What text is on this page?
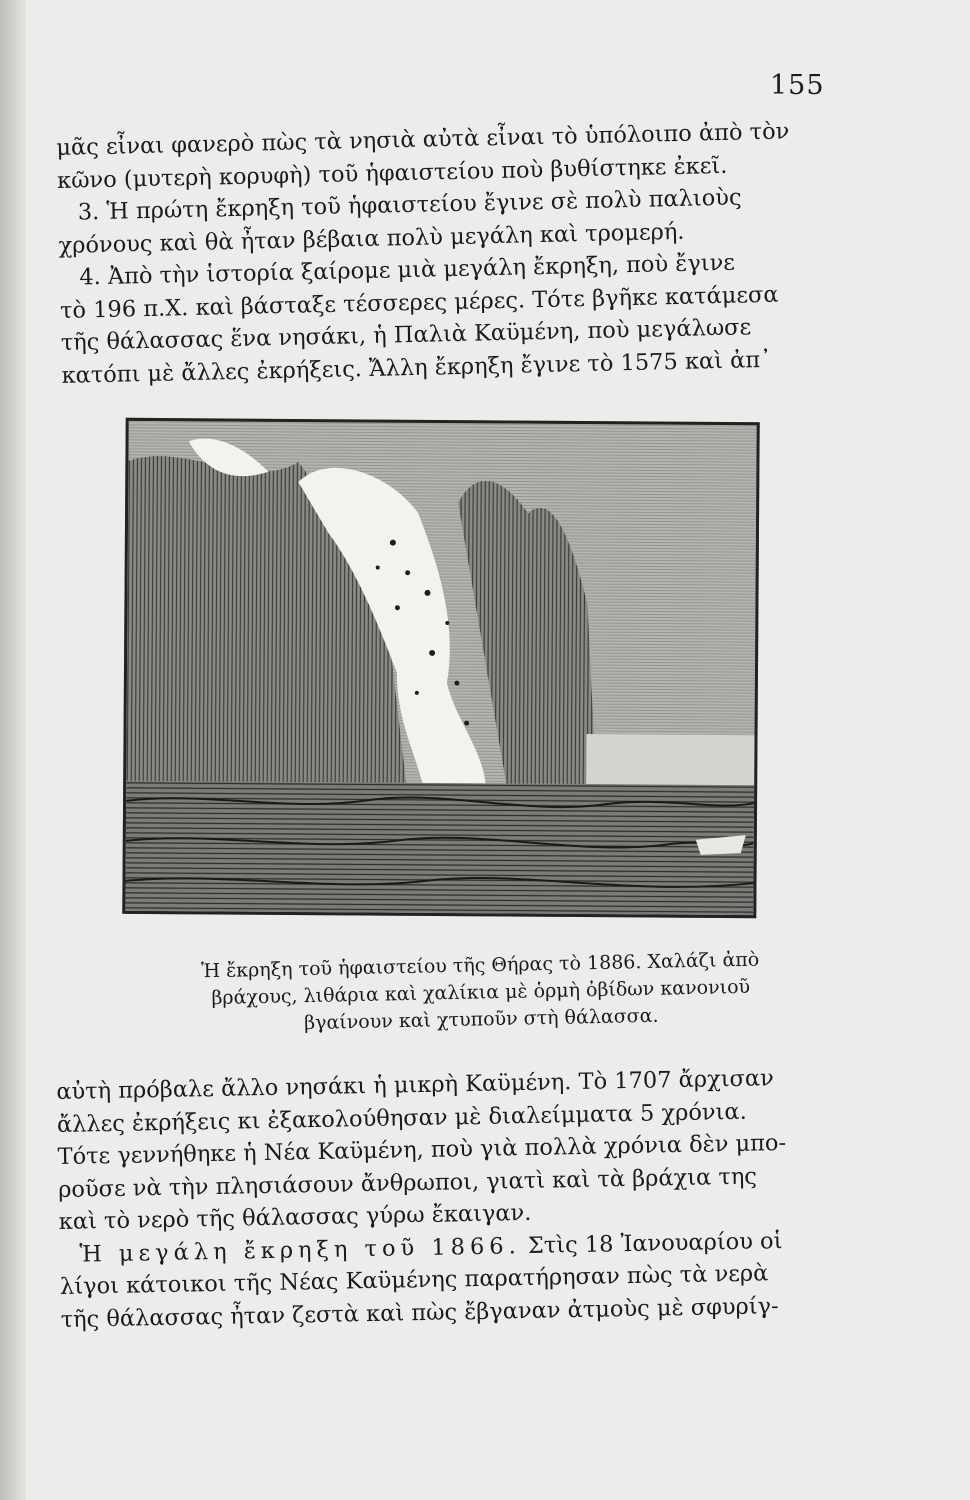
155
μᾶς εἶναι φανερὸ πὼς τὰ νησιὰ αὐτὰ εἶναι τὸ ὑπόλοιπο ἀπὸ τὸν
κῶνο (μυτερὴ κορυφὴ) τοῦ ἡφαιστείου ποὺ βυθίστηκε ἐκεῖ.
3. Ἡ πρώτη ἔκρηξη τοῦ ἡφαιστείου ἔγινε σὲ πολὺ παλιοὺς
χρόνους καὶ θὰ ἦταν βέβαια πολὺ μεγάλη καὶ τρομερή.
4. Ἀπὸ τὴν ἱστορία ξαίρομε μιὰ μεγάλη ἔκρηξη, ποὺ ἔγινε
τὸ 196 π.Χ. καὶ βάσταξε τέσσερες μέρες. Τότε βγῆκε κατάμεσα
τῆς θάλασσας ἕνα νησάκι, ἡ Παλιὰ Καϋμένη, ποὺ μεγάλωσε
κατόπι μὲ ἄλλες ἐκρήξεις. Ἄλλη ἔκρηξη ἔγινε τὸ 1575 καὶ ἀπ᾽
Ἡ ἔκρηξη τοῦ ἡφαιστείου τῆς Θήρας τὸ 1886. Χαλάζι ἀπὸ
βράχους, λιθάρια καὶ χαλίκια μὲ ὁρμὴ ὀβίδων κανονιοῦ
βγαίνουν καὶ χτυποῦν στὴ θάλασσα.
αὐτὴ πρόβαλε ἄλλο νησάκι ἡ μικρὴ Καϋμένη. Τὸ 1707 ἄρχισαν
ἄλλες ἐκρήξεις κι ἐξακολούθησαν μὲ διαλείμματα 5 χρόνια.
Τότε γεννήθηκε ἡ Νέα Καϋμένη, ποὺ γιὰ πολλὰ χρόνια δὲν μπο-
ροῦσε νὰ τὴν πλησιάσουν ἄνθρωποι, γιατὶ καὶ τὰ βράχια της
καὶ τὸ νερὸ τῆς θάλασσας γύρω ἔκαιγαν.
Ἡ μεγάλη ἔκρηξη τοῦ 1866. Στὶς 18 Ἰανουαρίου οἱ
λίγοι κάτοικοι τῆς Νέας Καϋμένης παρατήρησαν πὼς τὰ νερὰ
τῆς θάλασσας ἦταν ζεστὰ καὶ πὼς ἔβγαναν ἀτμοὺς μὲ σφυρίγ-
